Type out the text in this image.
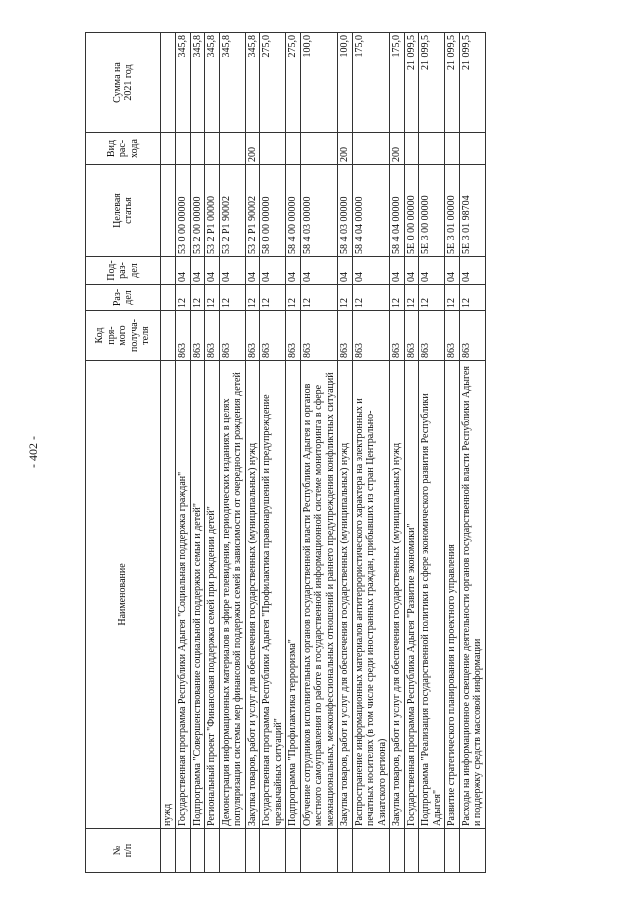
- 402 -
№ п/п	Наименование	Код пря- мого получа- теля	Раз- дел	Под- раз- дел	Целевая статья	Вид рас- хода	Сумма на 2021 год

	нужд						
	Государственная программа Республики Адыгея "Социальная поддержка граждан"	863	12	04	53 0 00 00000		345,8
	Подпрограмма "Совершенствование социальной поддержки семьи и детей"	863	12	04	53 2 00 00000		345,8
	Региональный проект "Финансовая поддержка семей при рождении детей"	863	12	04	53 2 P1 00000		345,8
	Демонстрация информационных материалов в эфире телевидения, периодических изданиях в целях популяризации системы мер финансовой поддержки семей в зависимости от очередности рождения детей	863	12	04	53 2 P1 90002		345,8
	Закупка товаров, работ и услуг для обеспечения государственных (муниципальных) нужд	863	12	04	53 2 P1 90002	200	345,8
	Государственная программа Республики Адыгея "Профилактика правонарушений и предупреждение чрезвычайных ситуаций"	863	12	04	58 0 00 00000		275,0
	Подпрограмма "Профилактика терроризма"	863	12	04	58 4 00 00000		275,0
	Обучение сотрудников исполнительных органов государственной власти Республики Адыгея и органов местного самоуправления по работе в государственной информационной системе мониторинга в сфере межнациональных, межконфессиональных отношений и раннего предупреждения конфликтных ситуаций	863	12	04	58 4 03 00000		100,0
	Закупка товаров, работ и услуг для обеспечения государственных (муниципальных) нужд	863	12	04	58 4 03 00000	200	100,0
	Распространение информационных материалов антитеррористического характера на электронных и печатных носителях (в том числе среди иностранных граждан, прибывших из стран Центрально-Азиатского региона)	863	12	04	58 4 04 00000		175,0
	Закупка товаров, работ и услуг для обеспечения государственных (муниципальных) нужд	863	12	04	58 4 04 00000	200	175,0
	Государственная программа Республика Адыгея "Развитие экономики"	863	12	04	5Е 0 00 00000		21 099,5
	Подпрограмма "Реализация государственной политики в сфере экономического развития Республики Адыгея"	863	12	04	5Е 3 00 00000		21 099,5
	Развитие стратегического планирования и проектного управления	863	12	04	5Е 3 01 00000		21 099,5
	Расходы на информационное освещение деятельности органов государственной власти Республики Адыгея и поддержку средств массовой информации	863	12	04	5Е 3 01 98704		21 099,5
